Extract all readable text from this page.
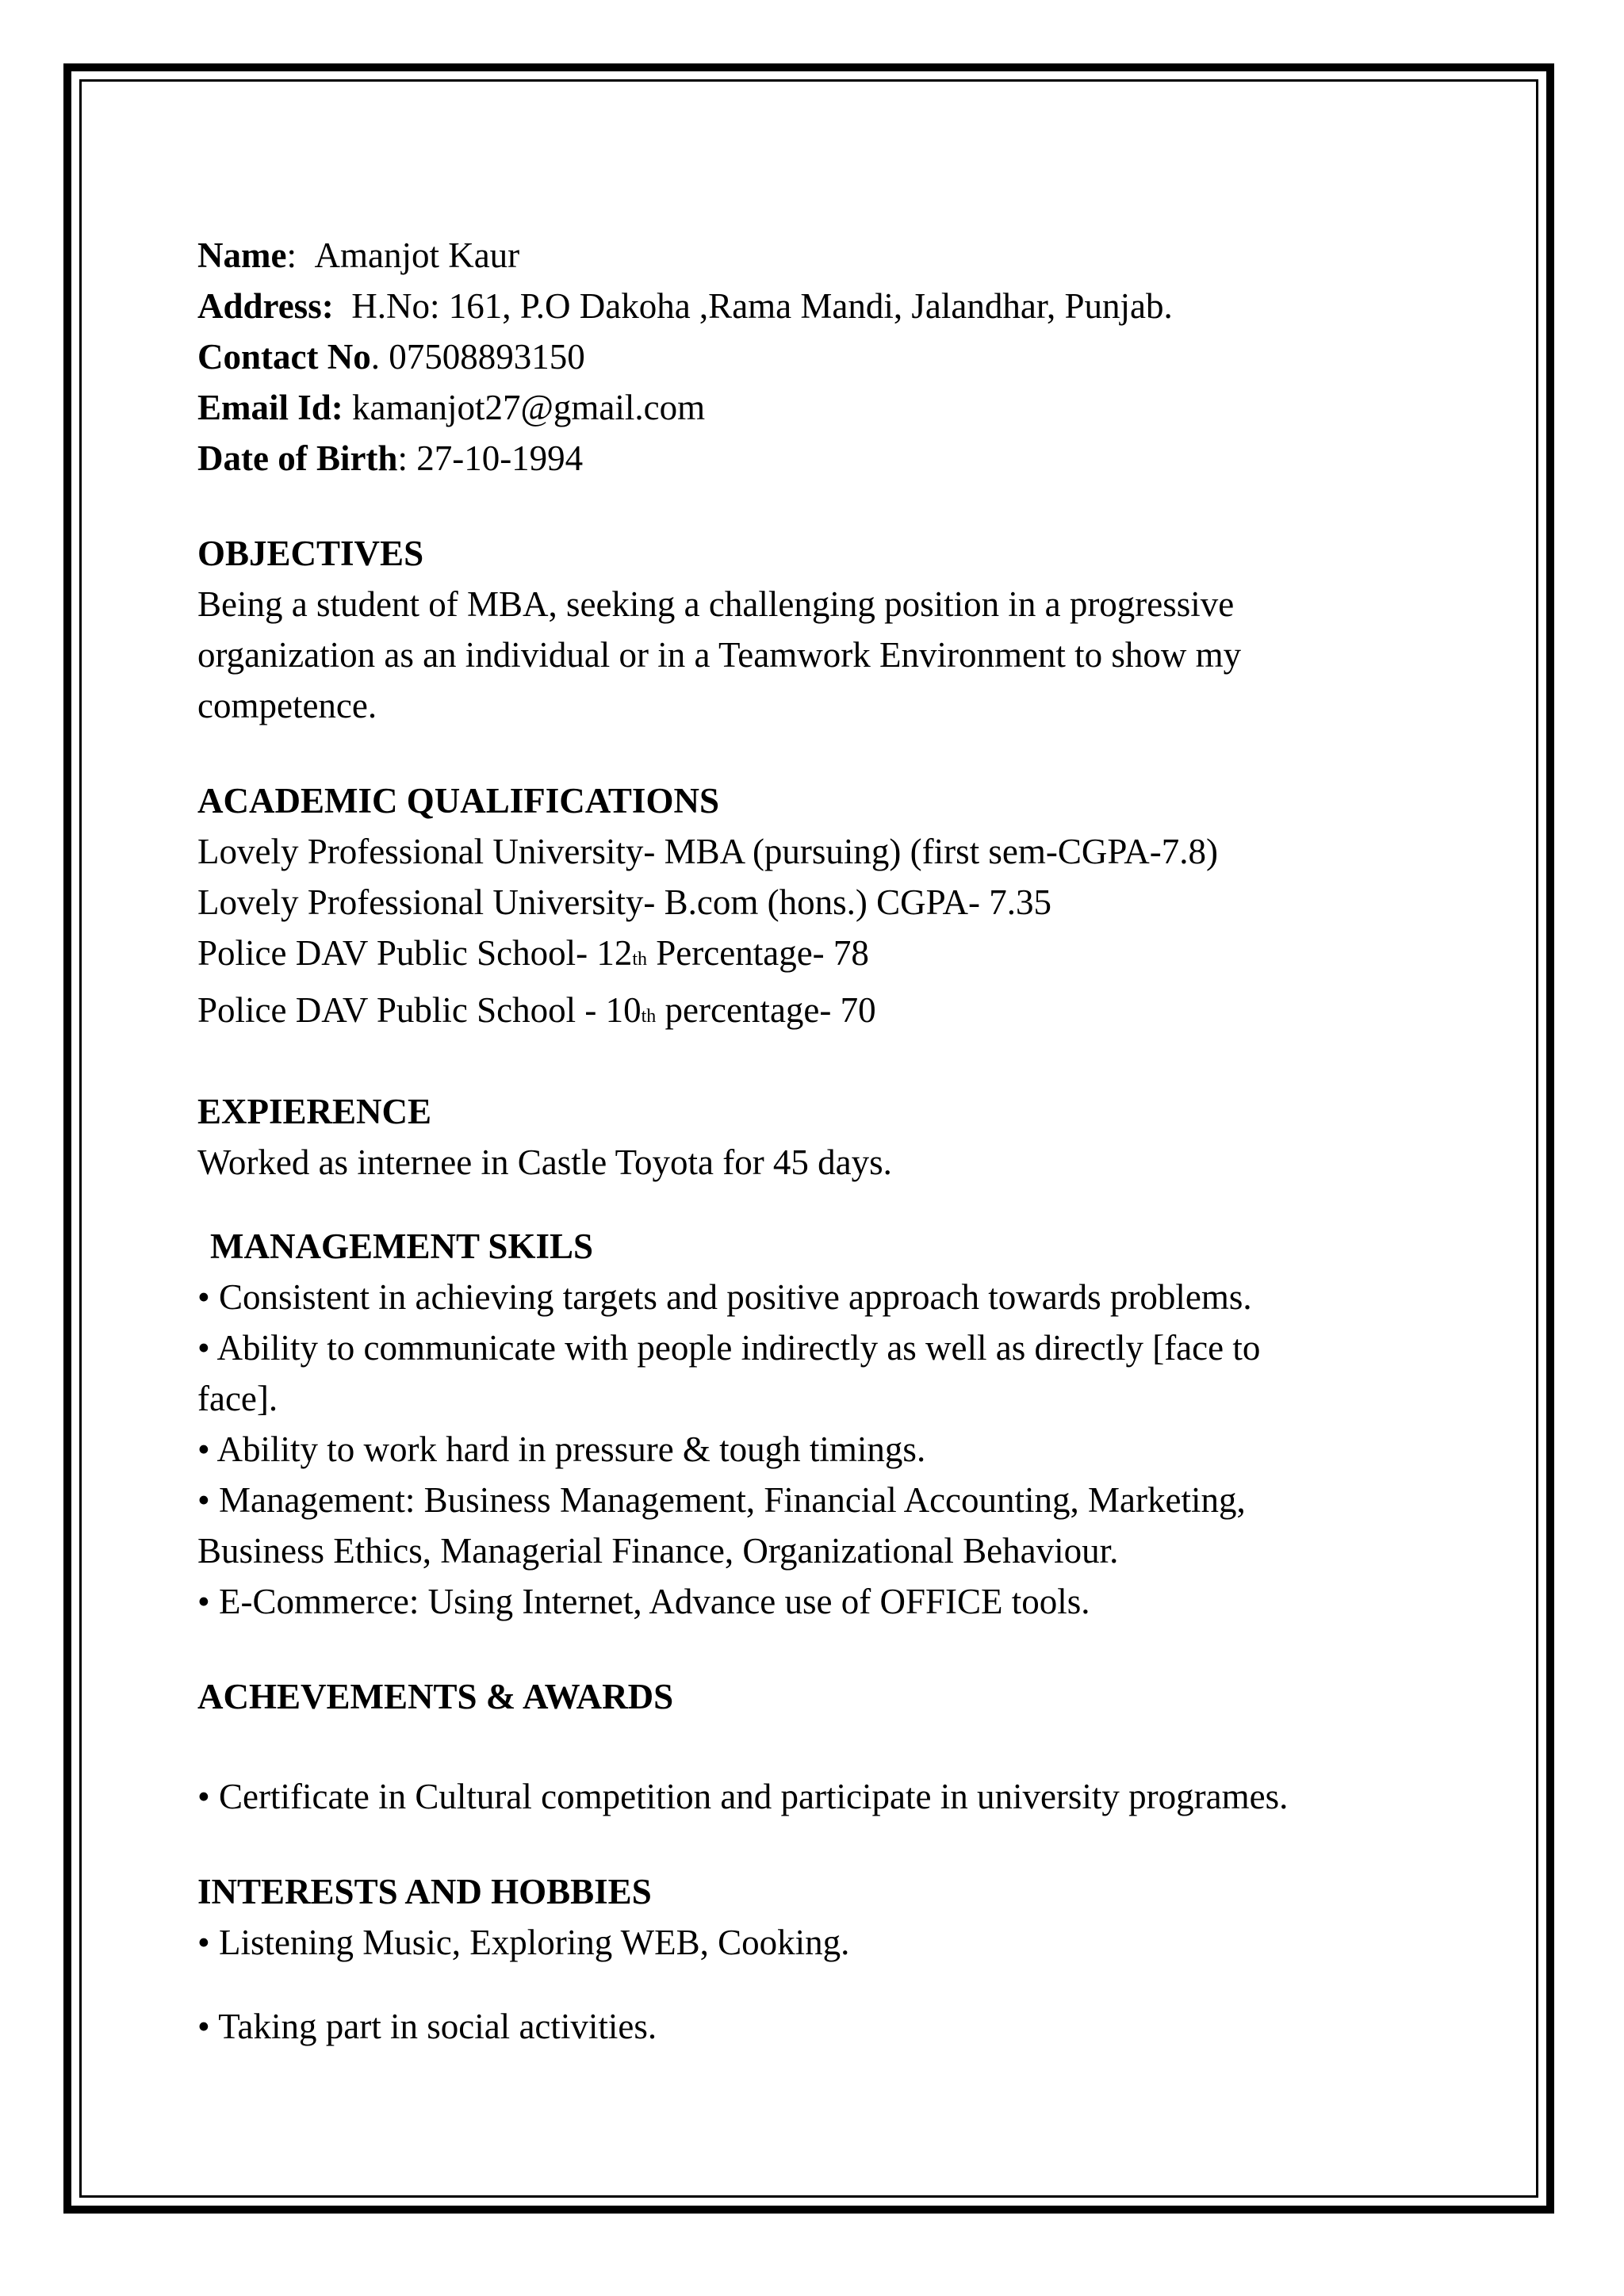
Name: Amanjot Kaur
Address: H.No: 161, P.O Dakoha ,Rama Mandi, Jalandhar, Punjab.
Contact No. 07508893150
Email Id: kamanjot27@gmail.com
Date of Birth: 27-10-1994
OBJECTIVES
Being a student of MBA, seeking a challenging position in a progressive
organization as an individual or in a Teamwork Environment to show my
competence.
ACADEMIC QUALIFICATIONS
Lovely Professional University- MBA (pursuing) (first sem-CGPA-7.8)
Lovely Professional University- B.com (hons.) CGPA- 7.35
Police DAV Public School- 12th Percentage- 78
Police DAV Public School - 10th percentage- 70
EXPIERENCE
Worked as internee in Castle Toyota for 45 days.
MANAGEMENT SKILS
• Consistent in achieving targets and positive approach towards problems.
• Ability to communicate with people indirectly as well as directly [face to
face].
• Ability to work hard in pressure & tough timings.
• Management: Business Management, Financial Accounting, Marketing,
Business Ethics, Managerial Finance, Organizational Behaviour.
• E-Commerce: Using Internet, Advance use of OFFICE tools.
ACHEVEMENTS & AWARDS
• Certificate in Cultural competition and participate in university programes.
INTERESTS AND HOBBIES
• Listening Music, Exploring WEB, Cooking.
• Taking part in social activities.
